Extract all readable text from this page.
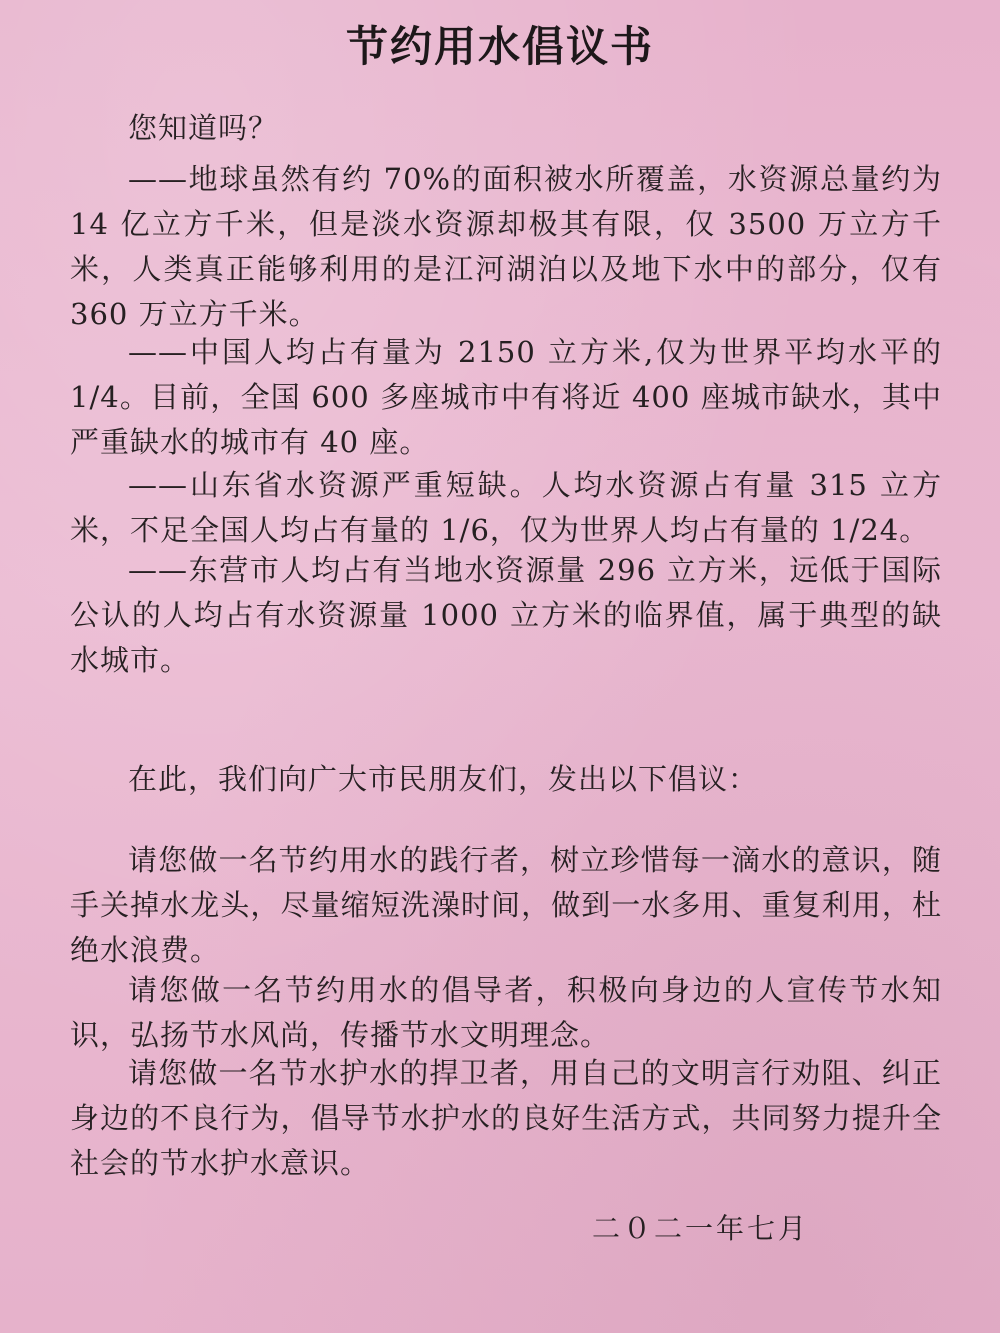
节约用水倡议书

您知道吗？

——地球虽然有约 70%的面积被水所覆盖，水资源总量约为 14 亿立方千米，但是淡水资源却极其有限，仅 3500 万立方千米，人类真正能够利用的是江河湖泊以及地下水中的部分，仅有 360 万立方千米。

——中国人均占有量为 2150 立方米,仅为世界平均水平的 1/4。目前，全国 600 多座城市中有将近 400 座城市缺水，其中严重缺水的城市有 40 座。

——山东省水资源严重短缺。人均水资源占有量 315 立方米，不足全国人均占有量的 1/6，仅为世界人均占有量的 1/24。

——东营市人均占有当地水资源量 296 立方米，远低于国际公认的人均占有水资源量 1000 立方米的临界值，属于典型的缺水城市。

在此，我们向广大市民朋友们，发出以下倡议：

请您做一名节约用水的践行者，树立珍惜每一滴水的意识，随手关掉水龙头，尽量缩短洗澡时间，做到一水多用、重复利用，杜绝水浪费。

请您做一名节约用水的倡导者，积极向身边的人宣传节水知识，弘扬节水风尚，传播节水文明理念。

请您做一名节水护水的捍卫者，用自己的文明言行劝阻、纠正身边的不良行为，倡导节水护水的良好生活方式，共同努力提升全社会的节水护水意识。

二０二一年七月
